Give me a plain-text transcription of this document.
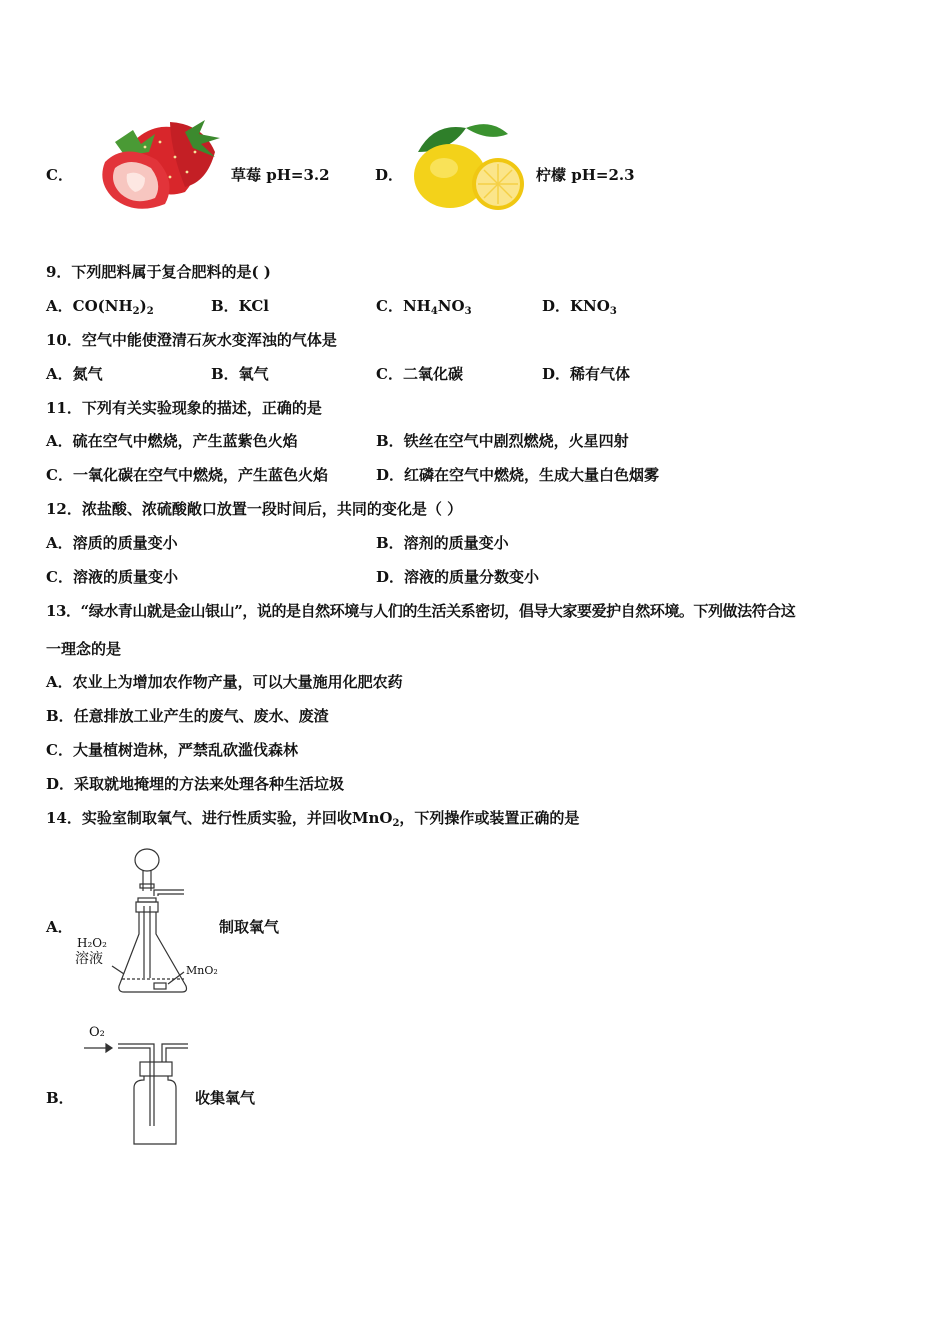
C．	草莓 pH=3.2	D．	柠檬 pH=2.3
9．下列肥料属于复合肥料的是( )
A．$CO(NH_2)_2$	B．KCl	C．$NH_4NO_3$	D．$KNO_3$
10．空气中能使澄清石灰水变浑浊的气体是
A．氮气	B．氧气	C．二氧化碳	D．稀有气体
11．下列有关实验现象的描述，正确的是
A．硫在空气中燃烧，产生蓝紫色火焰	B．铁丝在空气中剧烈燃烧，火星四射
C．一氧化碳在空气中燃烧，产生蓝色火焰	D．红磷在空气中燃烧，生成大量白色烟雾
12．浓盐酸、浓硫酸敞口放置一段时间后，共同的变化是（ ）
A．溶质的质量变小	B．溶剂的质量变小
C．溶液的质量变小	D．溶液的质量分数变小
13．“绿水青山就是金山银山”，说的是自然环境与人们的生活关系密切，倡导大家要爱护自然环境。下列做法符合这
一理念的是
A．农业上为增加农作物产量，可以大量施用化肥农药
B．任意排放工业产生的废气、废水、废渣
C．大量植树造林，严禁乱砍滥伐森林
D．采取就地掩埋的方法来处理各种生活垃圾
14．实验室制取氧气、进行性质实验，并回收MnO$_2$，下列操作或装置正确的是
A．
H₂O₂
溶液
MnO₂
制取氧气
B．
O₂
收集氧气
